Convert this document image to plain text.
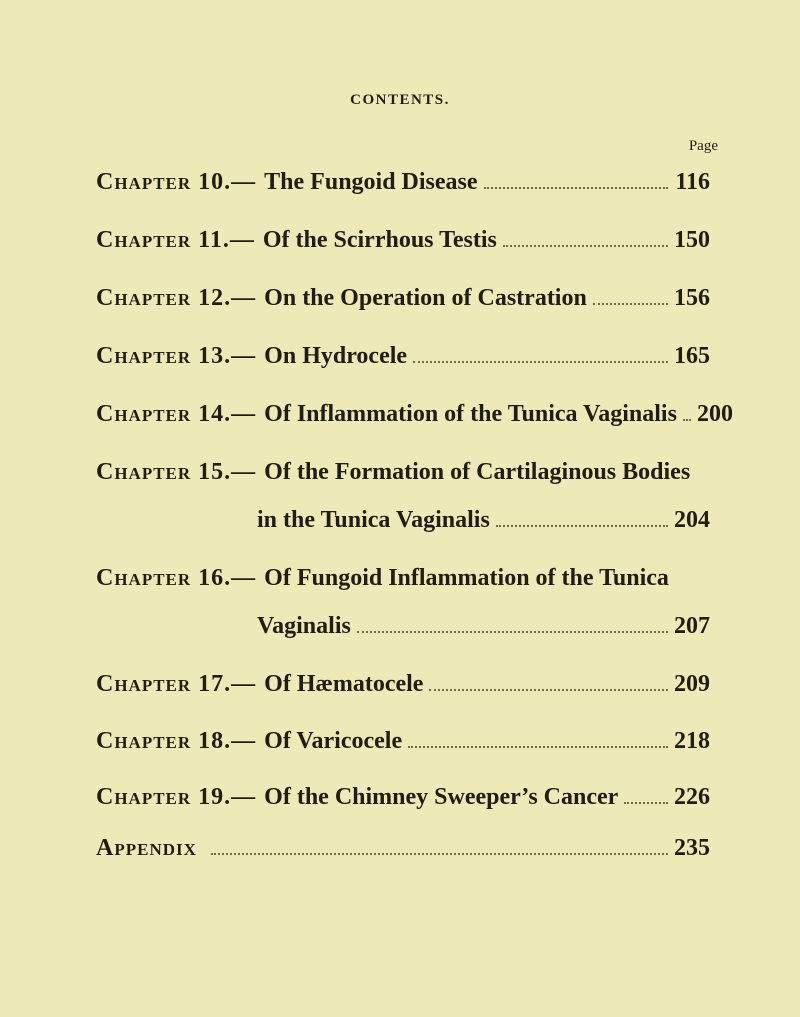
CONTENTS.
Page
Chapter 10.— The Fungoid Disease	116
Chapter 11.— Of the Scirrhous Testis	150
Chapter 12.— On the Operation of Castration	156
Chapter 13.— On Hydrocele	165
Chapter 14.— Of Inflammation of the Tunica Vaginalis 200
Chapter 15.— Of the Formation of Cartilaginous Bodies
in the Tunica Vaginalis	204
Chapter 16.— Of Fungoid Inflammation of the Tunica
Vaginalis	207
Chapter 17.— Of Hæmatocele	209
Chapter 18.— Of Varicocele	218
Chapter 19.— Of the Chimney Sweeper’s Cancer 226
Appendix	235
